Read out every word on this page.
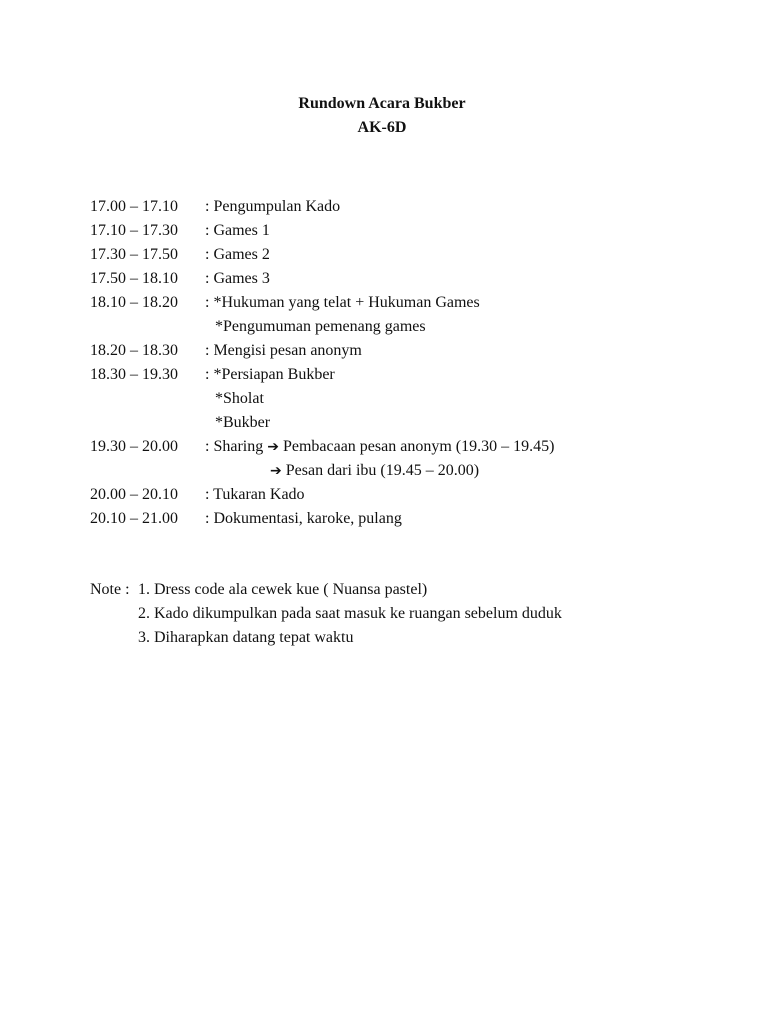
Rundown Acara Bukber
AK-6D
17.00 – 17.10 : Pengumpulan Kado
17.10 – 17.30 : Games 1
17.30 – 17.50 : Games 2
17.50 – 18.10 : Games 3
18.10 – 18.20 : *Hukuman yang telat + Hukuman Games
*Pengumuman pemenang games
18.20 – 18.30 : Mengisi pesan anonym
18.30 – 19.30 : *Persiapan Bukber
*Sholat
*Bukber
19.30 – 20.00 : Sharing ➔ Pembacaan pesan anonym (19.30 – 19.45)
➔ Pesan dari ibu (19.45 – 20.00)
20.00 – 20.10 : Tukaran Kado
20.10 – 21.00 : Dokumentasi, karoke, pulang
Note : 1. Dress code ala cewek kue ( Nuansa pastel)
2. Kado dikumpulkan pada saat masuk ke ruangan sebelum duduk
3. Diharapkan datang tepat waktu
